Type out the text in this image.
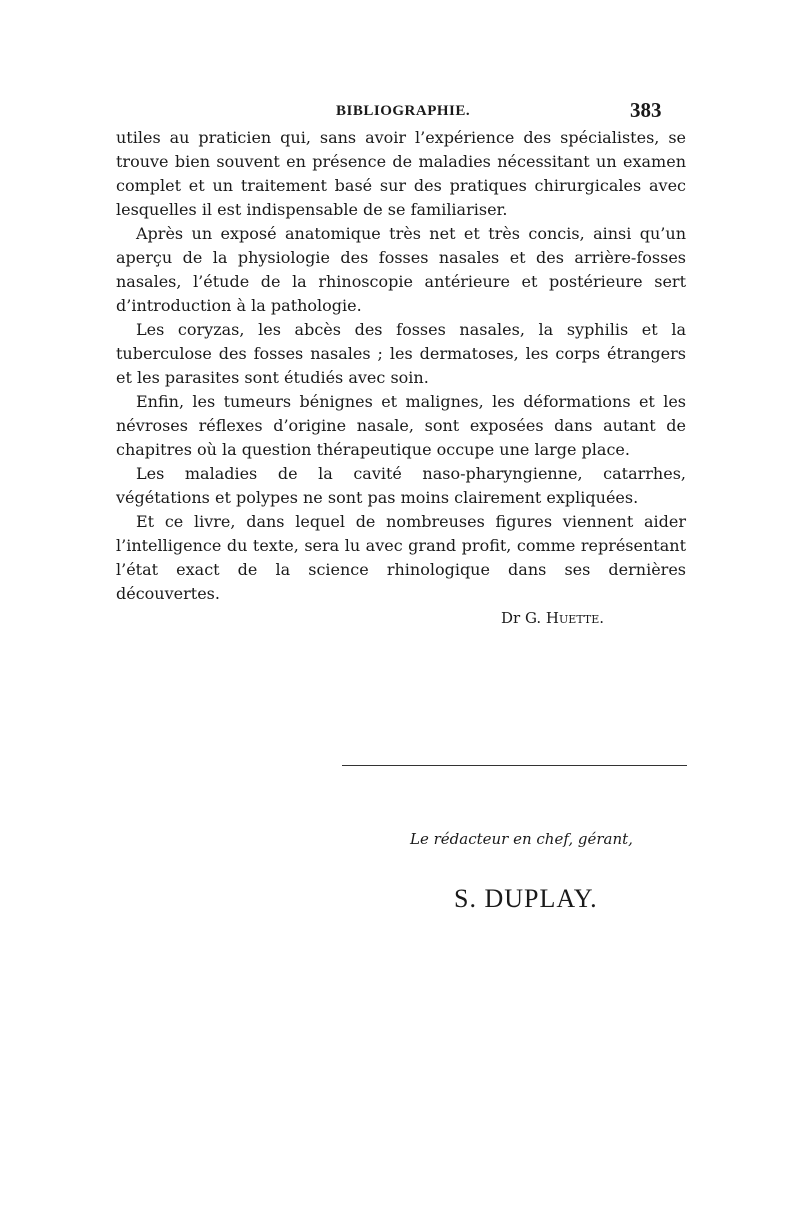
BIBLIOGRAPHIE.	383

utiles au praticien qui, sans avoir l’expérience des spécialistes, se trouve bien souvent en présence de maladies nécessitant un examen complet et un traitement basé sur des pratiques chirurgicales avec lesquelles il est indispensable de se familiariser.

Après un exposé anatomique très net et très concis, ainsi qu’un aperçu de la physiologie des fosses nasales et des arrière-fosses nasales, l’étude de la rhinoscopie antérieure et postérieure sert d’introduction à la pathologie.

Les coryzas, les abcès des fosses nasales, la syphilis et la tuberculose des fosses nasales ; les dermatoses, les corps étrangers et les parasites sont étudiés avec soin.

Enfin, les tumeurs bénignes et malignes, les déformations et les névroses réflexes d’origine nasale, sont exposées dans autant de chapitres où la question thérapeutique occupe une large place.

Les maladies de la cavité naso-pharyngienne, catarrhes, végétations et polypes ne sont pas moins clairement expliquées.

Et ce livre, dans lequel de nombreuses figures viennent aider l’intelligence du texte, sera lu avec grand profit, comme représentant l’état exact de la science rhinologique dans ses dernières découvertes.

Dr G. Huette.
Le rédacteur en chef, gérant,
S. DUPLAY.
